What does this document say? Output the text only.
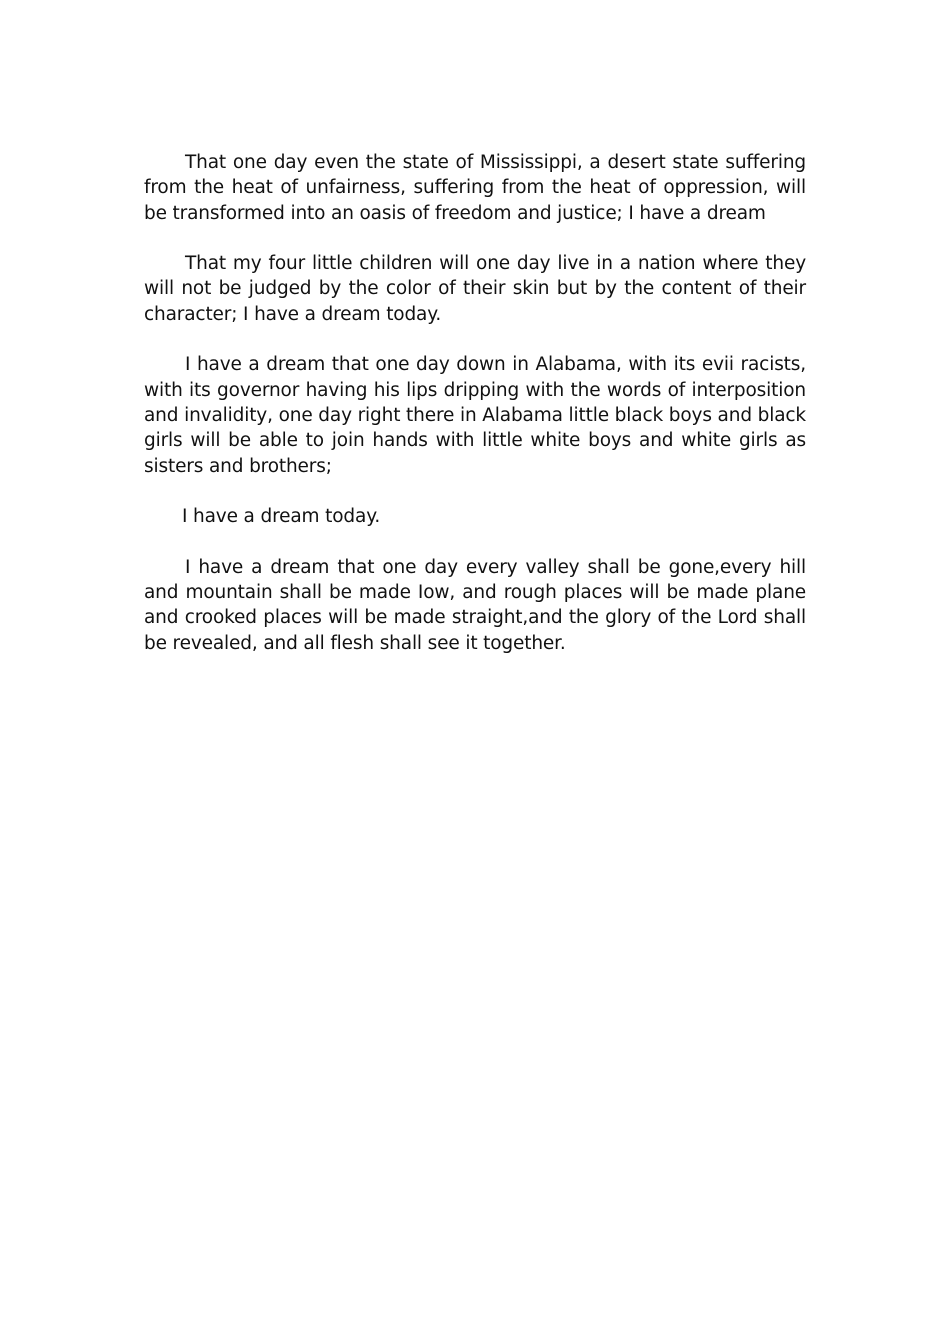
That one day even the state of Mississippi, a desert state suffering from the heat of unfairness, suffering from the heat of oppression, will be transformed into an oasis of freedom and justice; I have a dream

That my four little children will one day live in a nation where they will not be judged by the color of their skin but by the content of their character; I have a dream today.

I have a dream that one day down in Alabama, with its evii racists, with its governor having his lips dripping with the words of interposition and invalidity, one day right there in Alabama little black boys and black girls will be able to join hands with little white boys and white girls as sisters and brothers;

I have a dream today.

I have a dream that one day every valley shall be gone,every hill and mountain shall be made Iow, and rough places will be made plane and crooked places will be made straight,and the glory of the Lord shall be revealed, and all flesh shall see it together.
